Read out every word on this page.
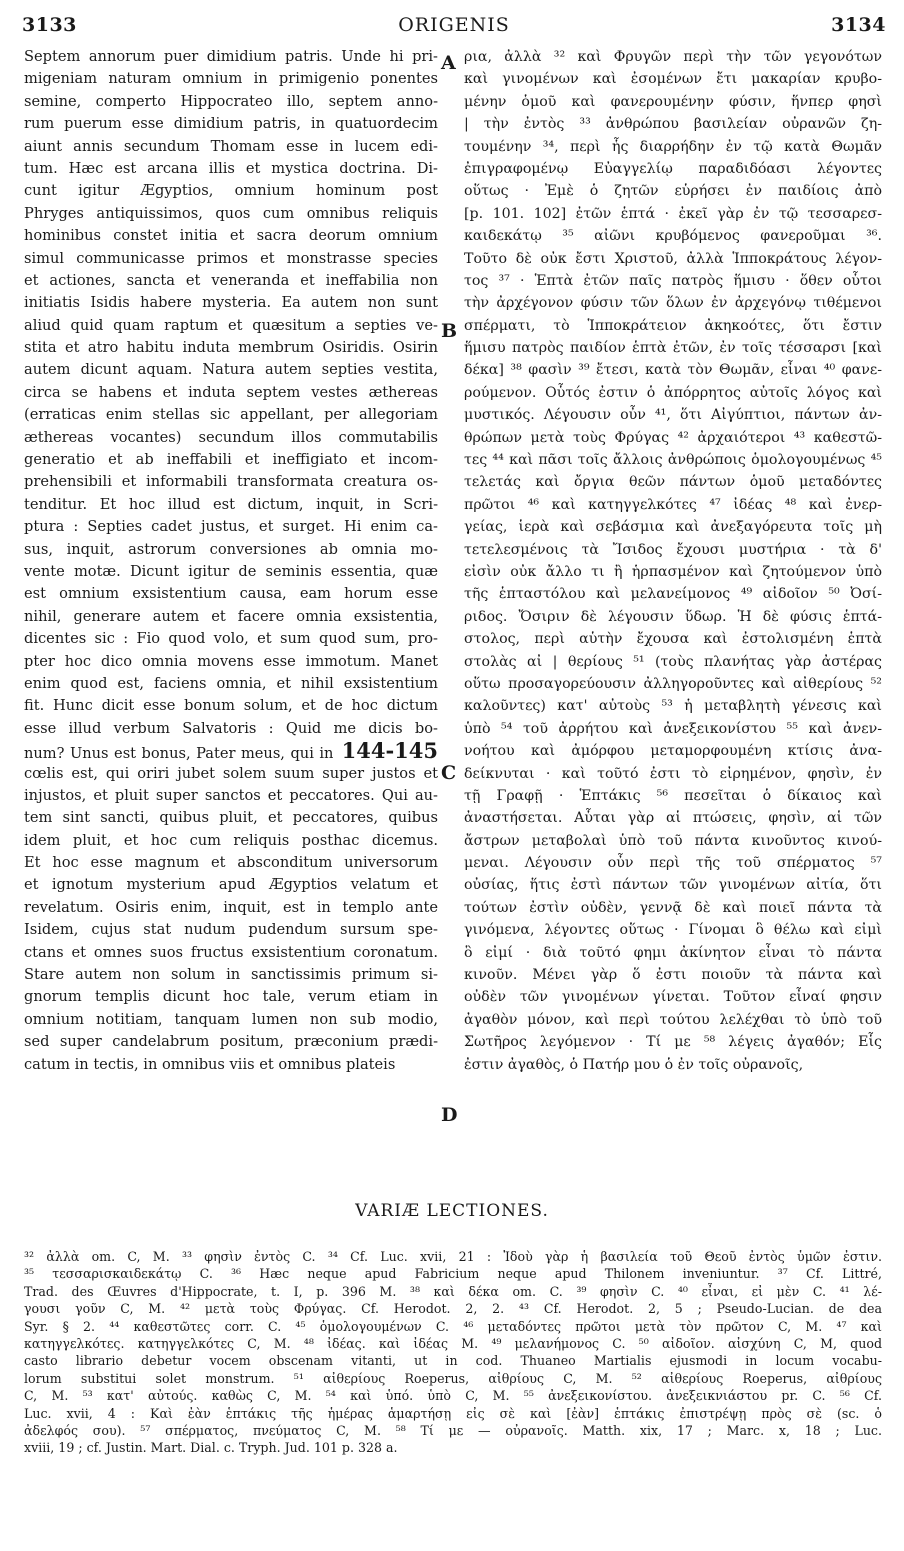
3133	ORIGENIS	3134
Septem annorum puer dimidium patris. Unde hi pri-
migeniam naturam omnium in primigenio ponentes
semine, comperto Hippocrateo illo, septem anno-
rum puerum esse dimidium patris, in quatuordecim
aiunt annis secundum Thomam esse in lucem edi-
tum. Hæc est arcana illis et mystica doctrina. Di-
cunt igitur Ægyptios, omnium hominum post
Phryges antiquissimos, quos cum omnibus reliquis
hominibus constet initia et sacra deorum omnium
simul communicasse primos et monstrasse species
et actiones, sancta et veneranda et ineffabilia non
initiatis Isidis habere mysteria. Ea autem non sunt
aliud quid quam raptum et quæsitum a septies ve-
stita et atro habitu induta membrum Osiridis. Osirin
autem dicunt aquam. Natura autem septies vestita,
circa se habens et induta septem vestes æthereas
(erraticas enim stellas sic appellant, per allegoriam
æthereas vocantes) secundum illos commutabilis
generatio et ab ineffabili et ineffigiato et incom-
prehensibili et informabili transformata creatura os-
tenditur. Et hoc illud est dictum, inquit, in Scri-
ptura : Septies cadet justus, et surget. Hi enim ca-
sus, inquit, astrorum conversiones ab omnia mo-
vente motæ. Dicunt igitur de seminis essentia, quæ
est omnium exsistentium causa, eam horum esse
nihil, generare autem et facere omnia exsistentia,
dicentes sic : Fio quod volo, et sum quod sum, pro-
pter hoc dico omnia movens esse immotum. Manet
enim quod est, faciens omnia, et nihil exsistentium
fit. Hunc dicit esse bonum solum, et de hoc dictum
esse illud verbum Salvatoris : Quid me dicis bo-
num? Unus est bonus, Pater meus, qui in 144-145
cœlis est, qui oriri jubet solem suum super justos et
injustos, et pluit super sanctos et peccatores. Qui au-
tem sint sancti, quibus pluit, et peccatores, quibus
idem pluit, et hoc cum reliquis posthac dicemus.
Et hoc esse magnum et absconditum universorum
et ignotum mysterium apud Ægyptios velatum et
revelatum. Osiris enim, inquit, est in templo ante
Isidem, cujus stat nudum pudendum sursum spe-
ctans et omnes suos fructus exsistentium coronatum.
Stare autem non solum in sanctissimis primum si-
gnorum templis dicunt hoc tale, verum etiam in
omnium notitiam, tanquam lumen non sub modio,
sed super candelabrum positum, præconium prædi-
catum in tectis, in omnibus viis et omnibus plateis
A
B
C
D
ρια, ἀλλὰ ³² καὶ Φρυγῶν περὶ τὴν τῶν γεγονότων
καὶ γινομένων καὶ ἐσομένων ἔτι μακαρίαν κρυβο-
μένην ὁμοῦ καὶ φανερουμένην φύσιν, ἥνπερ φησὶ
| τὴν ἐντὸς ³³ ἀνθρώπου βασιλείαν οὐρανῶν ζη-
τουμένην ³⁴, περὶ ἧς διαρρήδην ἐν τῷ κατὰ Θωμᾶν
ἐπιγραφομένῳ Εὐαγγελίῳ παραδιδόασι λέγοντες
οὕτως · Ἐμὲ ὁ ζητῶν εὑρήσει ἐν παιδίοις ἀπὸ
[p. 101. 102] ἐτῶν ἑπτά · ἐκεῖ γὰρ ἐν τῷ τεσσαρεσ-
καιδεκάτῳ ³⁵ αἰῶνι κρυβόμενος φανεροῦμαι ³⁶.
Τοῦτο δὲ οὐκ ἔστι Χριστοῦ, ἀλλὰ Ἱπποκράτους λέγον-
τος ³⁷ · Ἑπτὰ ἐτῶν παῖς πατρὸς ἥμισυ · ὅθεν οὗτοι
τὴν ἀρχέγονον φύσιν τῶν ὅλων ἐν ἀρχεγόνῳ τιθέμενοι
σπέρματι, τὸ Ἱπποκράτειον ἀκηκοότες, ὅτι ἔστιν
ἥμισυ πατρὸς παιδίον ἑπτὰ ἐτῶν, ἐν τοῖς τέσσαρσι [καὶ
δέκα] ³⁸ φασὶν ³⁹ ἔτεσι, κατὰ τὸν Θωμᾶν, εἶναι ⁴⁰ φανε-
ρούμενον. Οὗτός ἐστιν ὁ ἀπόρρητος αὐτοῖς λόγος καὶ
μυστικός. Λέγουσιν οὖν ⁴¹, ὅτι Αἰγύπτιοι, πάντων ἀν-
θρώπων μετὰ τοὺς Φρύγας ⁴² ἀρχαιότεροι ⁴³ καθεστῶ-
τες ⁴⁴ καὶ πᾶσι τοῖς ἄλλοις ἀνθρώποις ὁμολογουμένως ⁴⁵
τελετάς καὶ ὄργια θεῶν πάντων ὁμοῦ μεταδόντες
πρῶτοι ⁴⁶ καὶ κατηγγελκότες ⁴⁷ ἰδέας ⁴⁸ καὶ ἐνερ-
γείας, ἱερὰ καὶ σεβάσμια καὶ ἀνεξαγόρευτα τοῖς μὴ
τετελεσμένοις τὰ Ἴσιδος ἔχουσι μυστήρια · τὰ δ'
εἰσὶν οὐκ ἄλλο τι ἢ ἡρπασμένον καὶ ζητούμενον ὑπὸ
τῆς ἑπταστόλου καὶ μελανείμονος ⁴⁹ αἰδοῖον ⁵⁰ Ὀσί-
ριδος. Ὄσιριν δὲ λέγουσιν ὕδωρ. Ἡ δὲ φύσις ἑπτά-
στολος, περὶ αὑτὴν ἔχουσα καὶ ἐστολισμένη ἑπτὰ
στολὰς αἰ | θερίους ⁵¹ (τοὺς πλανήτας γὰρ ἀστέρας
οὕτω προσαγορεύουσιν ἀλληγοροῦντες καὶ αἰθερίους ⁵²
καλοῦντες) κατ' αὐτοὺς ⁵³ ἡ μεταβλητὴ γένεσις καὶ
ὑπὸ ⁵⁴ τοῦ ἀρρήτου καὶ ἀνεξεικονίστου ⁵⁵ καὶ ἀνεν-
νοήτου καὶ ἀμόρφου μεταμορφουμένη κτίσις ἀνα-
δείκνυται · καὶ τοῦτό ἐστι τὸ εἰρημένον, φησὶν, ἐν
τῇ Γραφῇ · Ἑπτάκις ⁵⁶ πεσεῖται ὁ δίκαιος καὶ
ἀναστήσεται. Αὗται γὰρ αἱ πτώσεις, φησὶν, αἱ τῶν
ἄστρων μεταβολαὶ ὑπὸ τοῦ πάντα κινοῦντος κινού-
μεναι. Λέγουσιν οὖν περὶ τῆς τοῦ σπέρματος ⁵⁷
οὐσίας, ἥτις ἐστὶ πάντων τῶν γινομένων αἰτία, ὅτι
τούτων ἐστὶν οὐδὲν, γεννᾷ δὲ καὶ ποιεῖ πάντα τὰ
γινόμενα, λέγοντες οὕτως · Γίνομαι ὃ θέλω καὶ εἰμὶ
ὃ εἰμί · διὰ τοῦτό φημι ἀκίνητον εἶναι τὸ πάντα
κινοῦν. Μένει γὰρ ὅ ἐστι ποιοῦν τὰ πάντα καὶ
οὐδὲν τῶν γινομένων γίνεται. Τοῦτον εἶναί φησιν
ἀγαθὸν μόνον, καὶ περὶ τούτου λελέχθαι τὸ ὑπὸ τοῦ
Σωτῆρος λεγόμενον · Τί με ⁵⁸ λέγεις ἀγαθόν; Εἷς
ἐστιν ἀγαθὸς, ὁ Πατήρ μου ὁ ἐν τοῖς οὐρανοῖς,
VARIÆ LECTIONES.
³² ἀλλὰ om. C, M. ³³ φησὶν ἐντὸς C. ³⁴ Cf. Luc. xvii, 21 : Ἰδοὺ γὰρ ἡ βασιλεία τοῦ Θεοῦ ἐντὸς ὑμῶν ἐστιν.
³⁵ τεσσαρισκαιδεκάτῳ C. ³⁶ Hæc neque apud Fabricium neque apud Thilonem inveniuntur. ³⁷ Cf. Littré,
Trad. des Œuvres d'Hippocrate, t. I, p. 396 M. ³⁸ καὶ δέκα om. C. ³⁹ φησὶν C. ⁴⁰ εἶναι, εἰ μὲν C. ⁴¹ λέ-
γουσι γοῦν C, M. ⁴² μετὰ τοὺς Φρύγας. Cf. Herodot. 2, 2. ⁴³ Cf. Herodot. 2, 5 ; Pseudo-Lucian. de dea
Syr. § 2. ⁴⁴ καθεστῶτες corr. C. ⁴⁵ ὁμολογουμένων C. ⁴⁶ μεταδόντες πρῶτοι μετὰ τὸν πρῶτον C, M. ⁴⁷ καὶ
κατηγγελκότες. κατηγγελκότες C, M. ⁴⁸ ἰδέας. καὶ ἰδέας M. ⁴⁹ μελανήμονος C. ⁵⁰ αἰδοῖον. αἰσχύνη C, M, quod
casto librario debetur vocem obscenam vitanti, ut in cod. Thuaneo Martialis ejusmodi in locum vocabu-
lorum substitui solet monstrum. ⁵¹ αἰθερίους Roeperus, αἰθρίους C, M. ⁵² αἰθερίους Roeperus, αἰθρίους
C, M. ⁵³ κατ' αὐτούς. καθὼς C, M. ⁵⁴ καὶ ὑπό. ὑπὸ C, M. ⁵⁵ ἀνεξεικονίστου. ἀνεξεικνιάστου pr. C. ⁵⁶ Cf.
Luc. xvii, 4 : Καὶ ἐὰν ἑπτάκις τῆς ἡμέρας ἁμαρτήσῃ εἰς σὲ καὶ [ἐὰν] ἑπτάκις ἐπιστρέψῃ πρὸς σὲ (sc. ὁ
ἀδελφός σου). ⁵⁷ σπέρματος, πνεύματος C, M. ⁵⁸ Τί με — οὐρανοῖς. Matth. xix, 17 ; Marc. x, 18 ; Luc.
xviii, 19 ; cf. Justin. Mart. Dial. c. Tryph. Jud. 101 p. 328 a.
